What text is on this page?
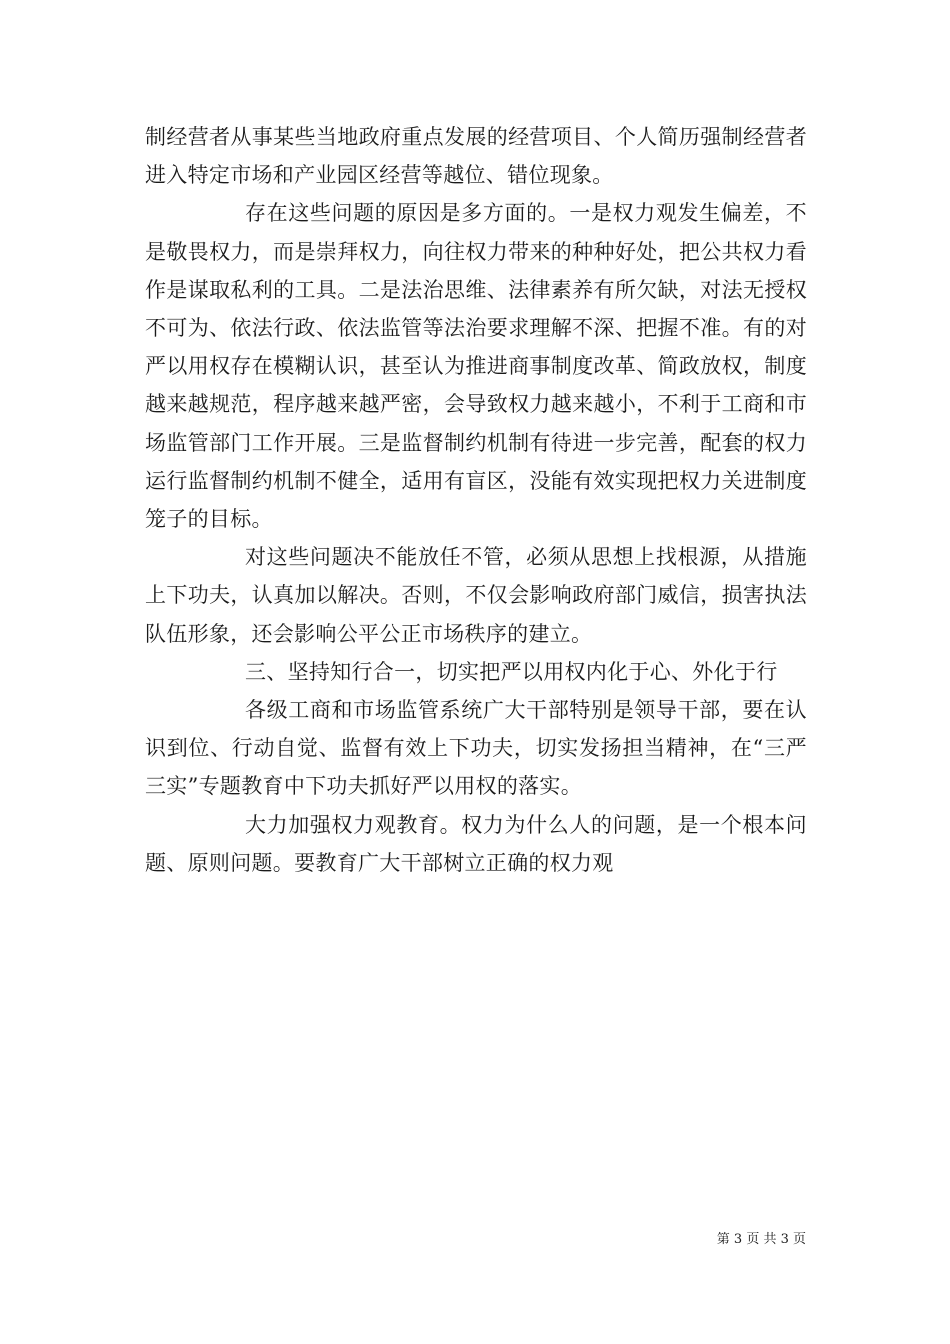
制经营者从事某些当地政府重点发展的经营项目、个人简历强制经营者进入特定市场和产业园区经营等越位、错位现象。

存在这些问题的原因是多方面的。一是权力观发生偏差，不是敬畏权力，而是崇拜权力，向往权力带来的种种好处，把公共权力看作是谋取私利的工具。二是法治思维、法律素养有所欠缺，对法无授权不可为、依法行政、依法监管等法治要求理解不深、把握不准。有的对严以用权存在模糊认识，甚至认为推进商事制度改革、简政放权，制度越来越规范，程序越来越严密，会导致权力越来越小，不利于工商和市场监管部门工作开展。三是监督制约机制有待进一步完善，配套的权力运行监督制约机制不健全，适用有盲区，没能有效实现把权力关进制度笼子的目标。

对这些问题决不能放任不管，必须从思想上找根源，从措施上下功夫，认真加以解决。否则，不仅会影响政府部门威信，损害执法队伍形象，还会影响公平公正市场秩序的建立。

三、坚持知行合一，切实把严以用权内化于心、外化于行

各级工商和市场监管系统广大干部特别是领导干部，要在认识到位、行动自觉、监督有效上下功夫，切实发扬担当精神，在“三严三实”专题教育中下功夫抓好严以用权的落实。

大力加强权力观教育。权力为什么人的问题，是一个根本问题、原则问题。要教育广大干部树立正确的权力观

第 3 页 共 3 页
